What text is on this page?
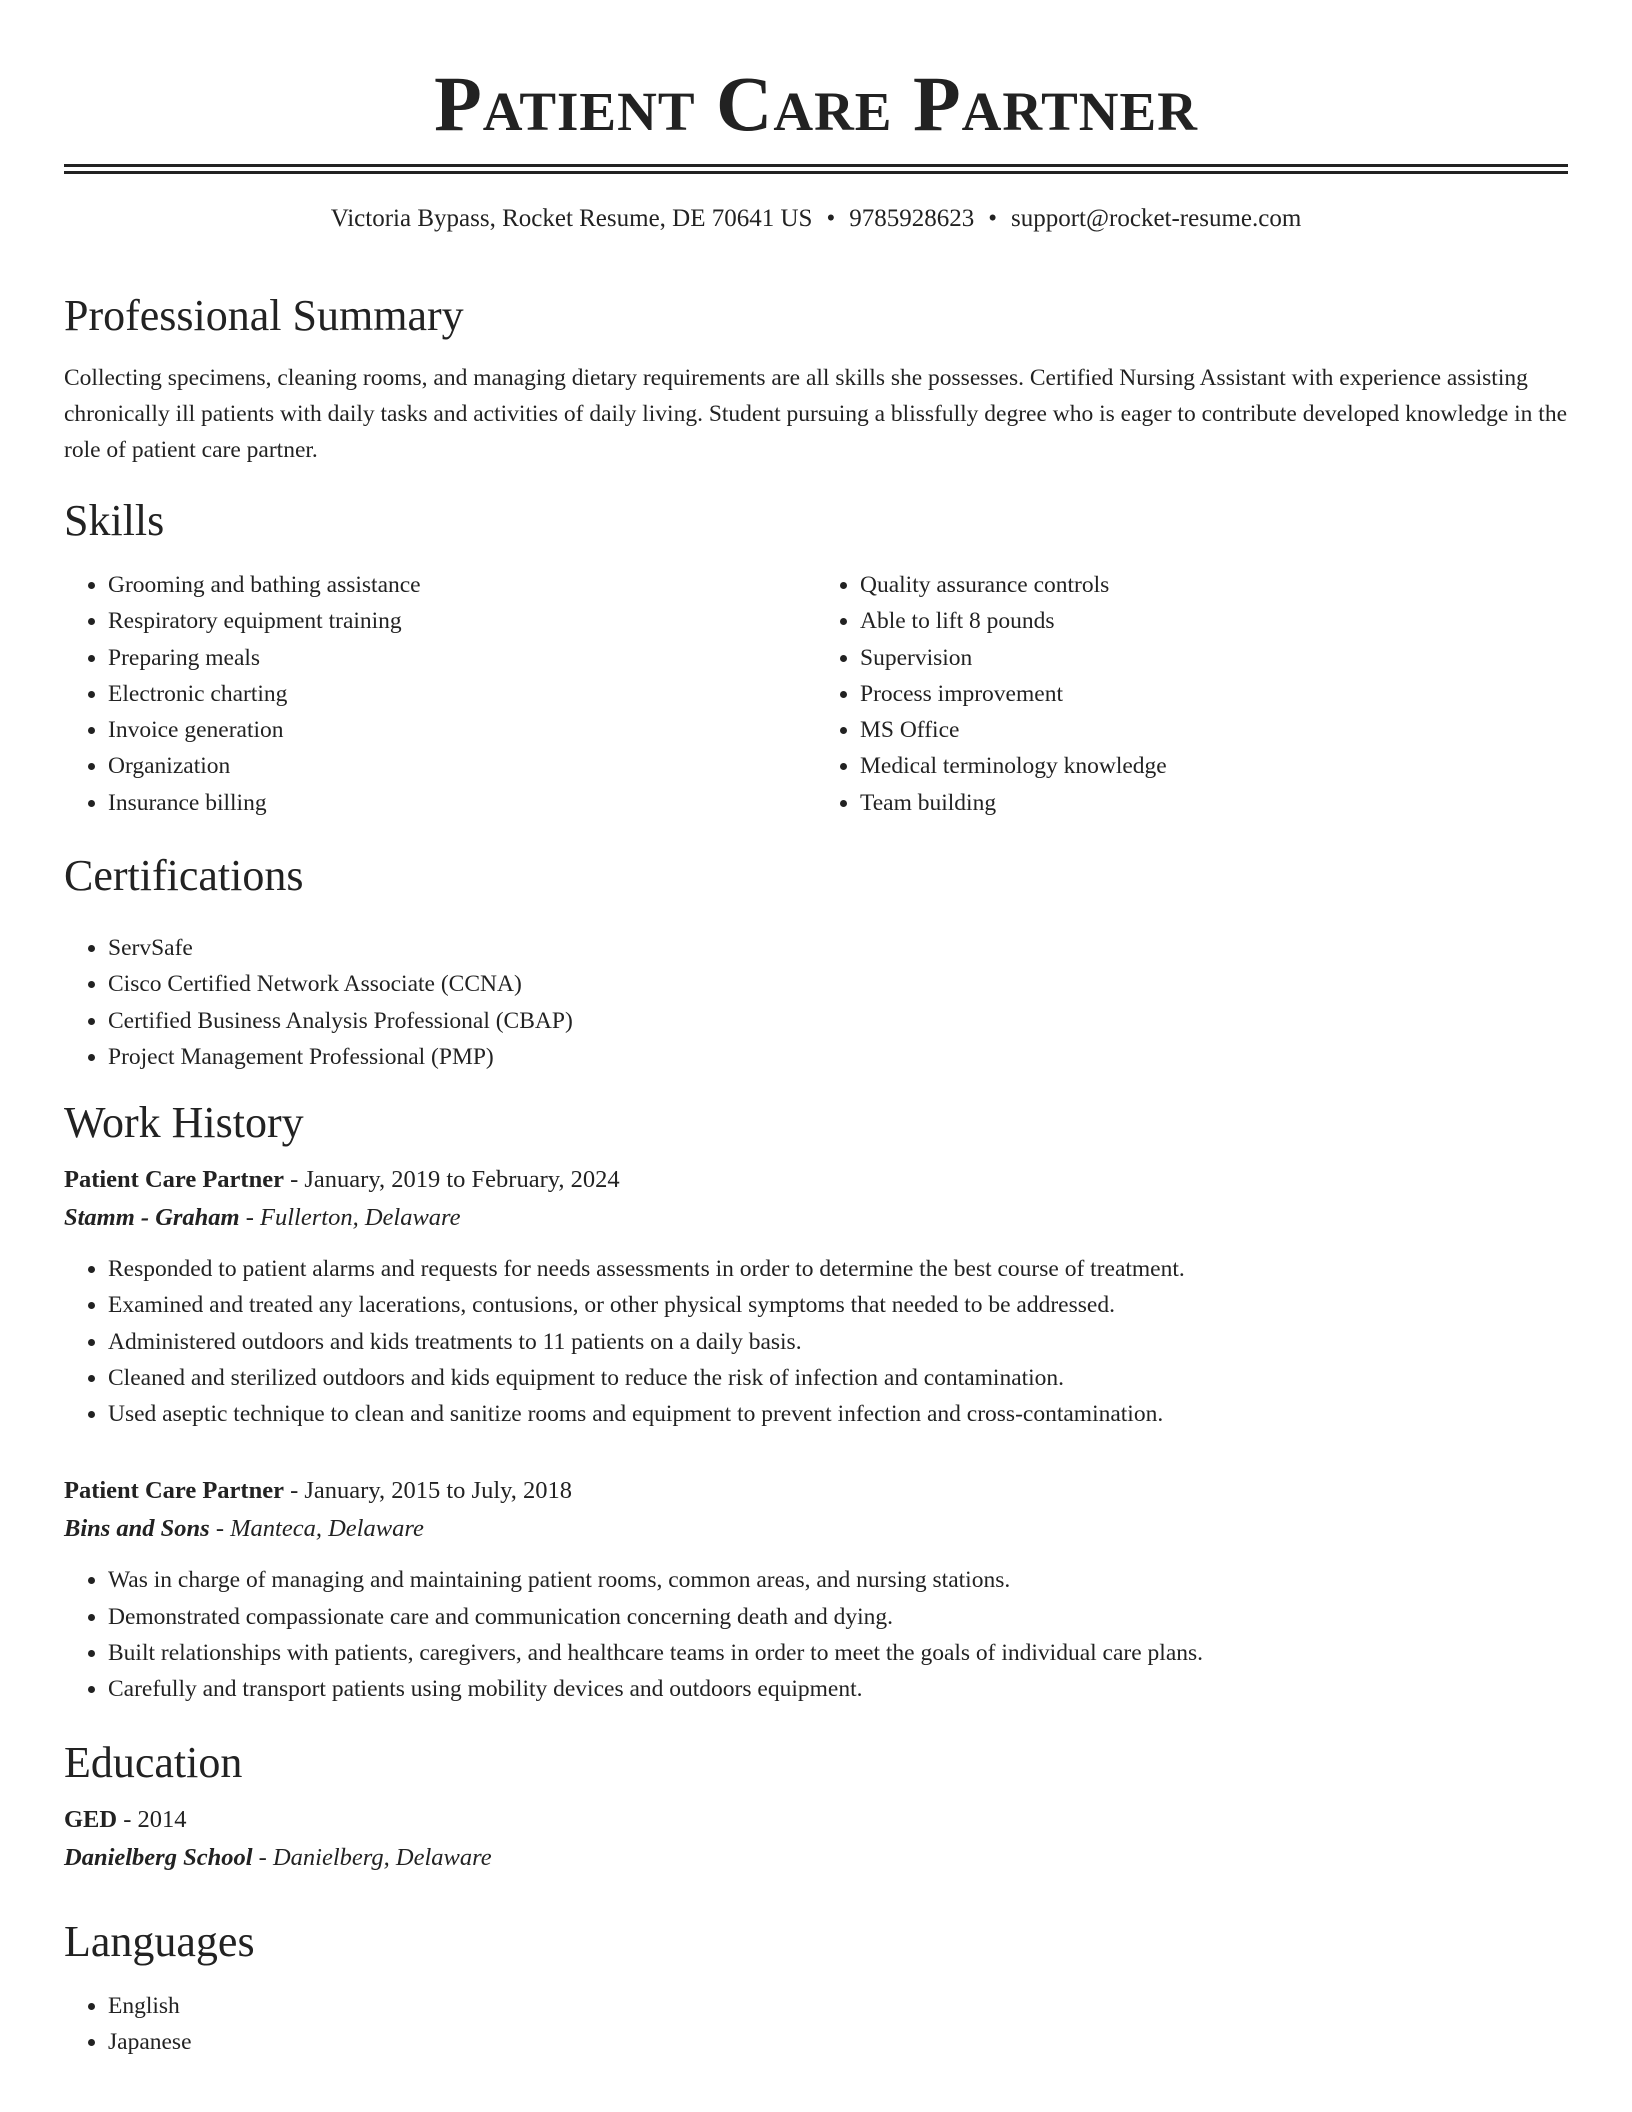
Patient Care Partner
Victoria Bypass, Rocket Resume, DE 70641 US • 9785928623 • support@rocket-resume.com
Professional Summary

Collecting specimens, cleaning rooms, and managing dietary requirements are all skills she possesses. Certified Nursing Assistant with experience assisting chronically ill patients with daily tasks and activities of daily living. Student pursuing a blissfully degree who is eager to contribute developed knowledge in the role of patient care partner.

Skills
• Grooming and bathing assistance
• Respiratory equipment training
• Preparing meals
• Electronic charting
• Invoice generation
• Organization
• Insurance billing
• Quality assurance controls
• Able to lift 8 pounds
• Supervision
• Process improvement
• MS Office
• Medical terminology knowledge
• Team building
Certifications
• ServSafe
• Cisco Certified Network Associate (CCNA)
• Certified Business Analysis Professional (CBAP)
• Project Management Professional (PMP)
Work History
Patient Care Partner - January, 2019 to February, 2024
Stamm - Graham - Fullerton, Delaware
• Responded to patient alarms and requests for needs assessments in order to determine the best course of treatment.
• Examined and treated any lacerations, contusions, or other physical symptoms that needed to be addressed.
• Administered outdoors and kids treatments to 11 patients on a daily basis.
• Cleaned and sterilized outdoors and kids equipment to reduce the risk of infection and contamination.
• Used aseptic technique to clean and sanitize rooms and equipment to prevent infection and cross-contamination.
Patient Care Partner - January, 2015 to July, 2018
Bins and Sons - Manteca, Delaware
• Was in charge of managing and maintaining patient rooms, common areas, and nursing stations.
• Demonstrated compassionate care and communication concerning death and dying.
• Built relationships with patients, caregivers, and healthcare teams in order to meet the goals of individual care plans.
• Carefully and transport patients using mobility devices and outdoors equipment.
Education
GED - 2014
Danielberg School - Danielberg, Delaware
Languages
• English
• Japanese
